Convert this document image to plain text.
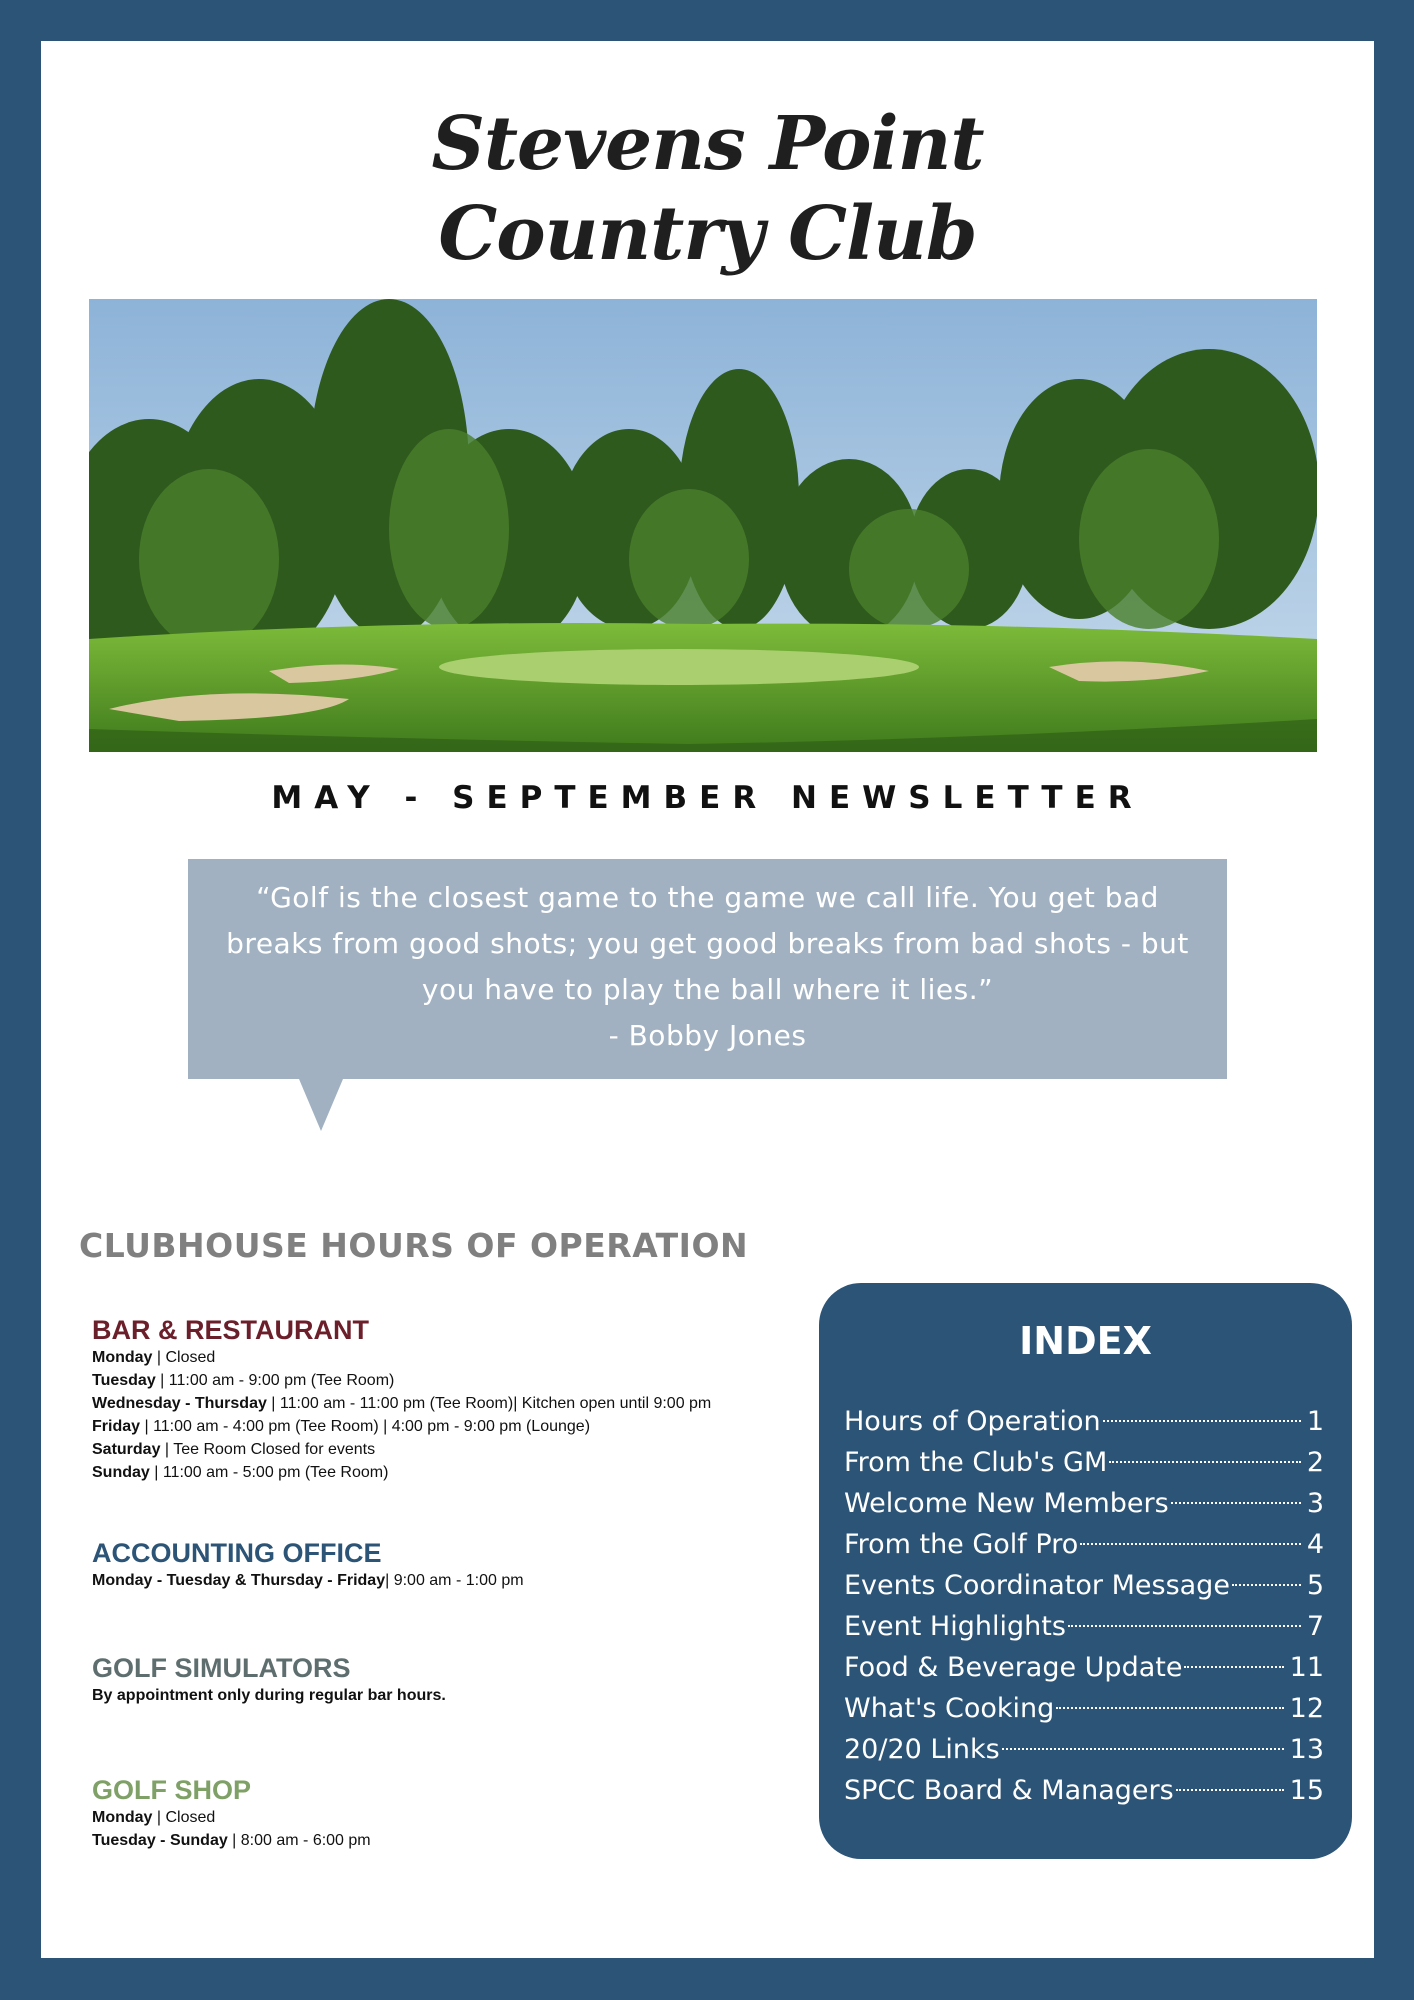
Stevens Point
Country Club
MAY - SEPTEMBER NEWSLETTER
“Golf is the closest game to the game we call life. You get bad
breaks from good shots; you get good breaks from bad shots - but
you have to play the ball where it lies.”
- Bobby Jones
CLUBHOUSE HOURS OF OPERATION
BAR & RESTAURANT
Monday | Closed
Tuesday | 11:00 am - 9:00 pm (Tee Room)
Wednesday - Thursday | 11:00 am - 11:00 pm (Tee Room)| Kitchen open until 9:00 pm
Friday | 11:00 am - 4:00 pm (Tee Room) | 4:00 pm - 9:00 pm (Lounge)
Saturday | Tee Room Closed for events
Sunday | 11:00 am - 5:00 pm (Tee Room)
ACCOUNTING OFFICE
Monday - Tuesday & Thursday - Friday| 9:00 am - 1:00 pm
GOLF SIMULATORS
By appointment only during regular bar hours.
GOLF SHOP
Monday | Closed
Tuesday - Sunday | 8:00 am - 6:00 pm
INDEX
Hours of Operation	1
From the Club's GM	2
Welcome New Members	3
From the Golf Pro	4
Events Coordinator Message	5
Event Highlights	7
Food & Beverage Update	11
What's Cooking	12
20/20 Links	13
SPCC Board & Managers	15
